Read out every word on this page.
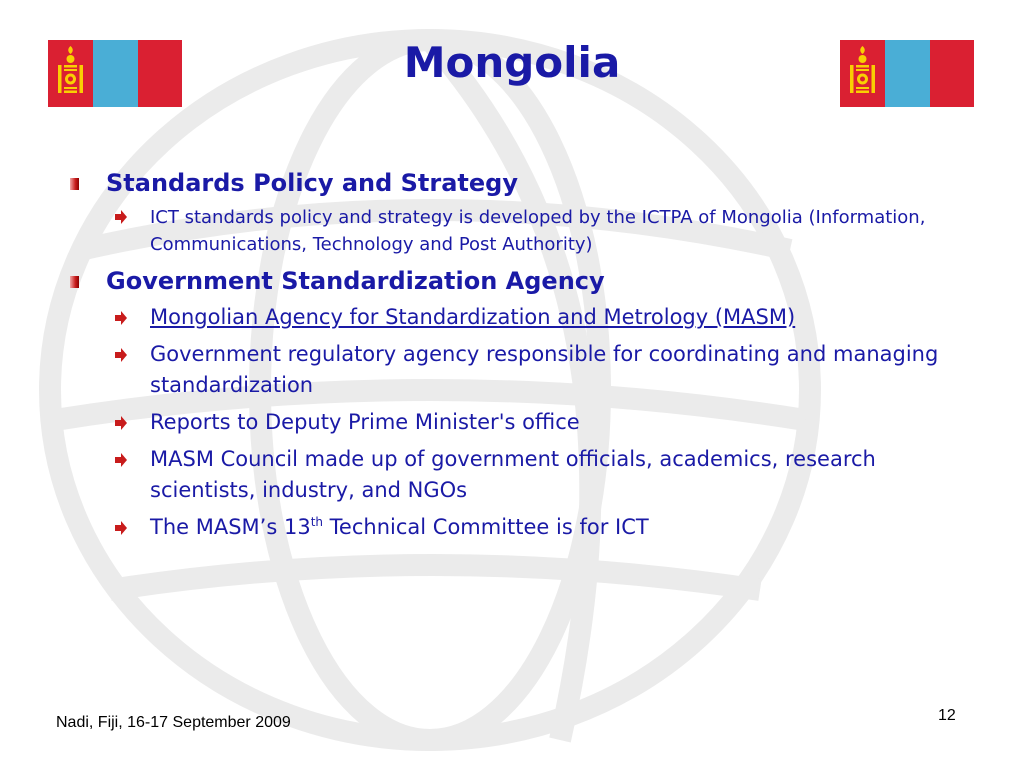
Mongolia
Standards Policy and Strategy
ICT standards policy and strategy is developed by the ICTPA of Mongolia (Information, Communications, Technology and Post Authority)
Government Standardization Agency
Mongolian Agency for Standardization and Metrology (MASM)
Government regulatory agency responsible for coordinating and managing standardization
Reports to Deputy Prime Minister's office
MASM Council made up of government officials, academics, research scientists, industry, and NGOs
The MASM’s 13th Technical Committee is for ICT
Nadi, Fiji, 16-17 September 2009	12
